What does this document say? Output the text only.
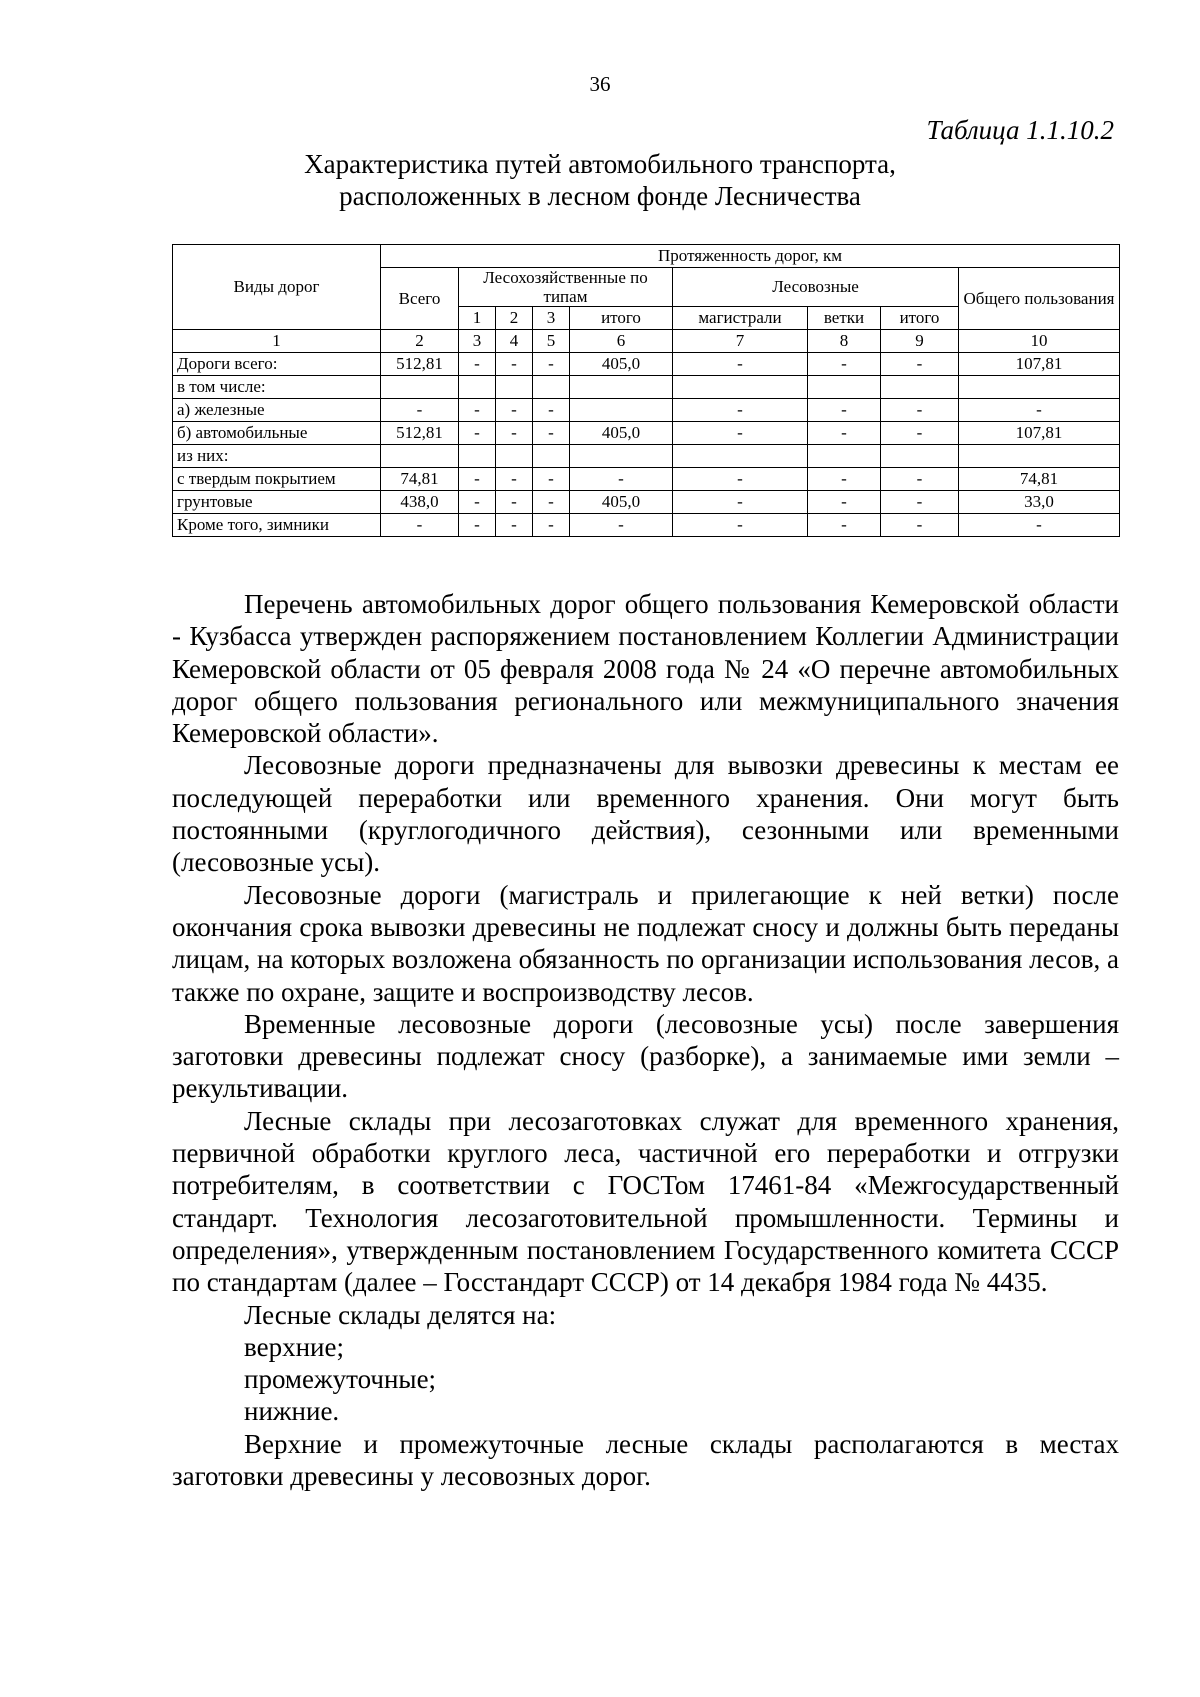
36
Таблица 1.1.10.2
Характеристика путей автомобильного транспорта,
расположенных в лесном фонде Лесничества
Виды дорог	Протяженность дорог, км								
	Всего	Лесохозяйственные по типам				Лесовозные			Общего пользования
		1	2	3	итого	магистрали	ветки	итого	
1	2	3	4	5	6	7	8	9	10
Дороги всего:	512,81	-	-	-	405,0	-	-	-	107,81
в том числе:									
а) железные	-	-	-	-		-	-	-	-
б) автомобильные	512,81	-	-	-	405,0	-	-	-	107,81
из них:									
с твердым покрытием	74,81	-	-	-	-	-	-	-	74,81
грунтовые	438,0	-	-	-	405,0	-	-	-	33,0
Кроме того, зимники	-	-	-	-	-	-	-	-	-

Перечень автомобильных дорог общего пользования Кемеровской области - Кузбасса утвержден распоряжением постановлением Коллегии Администрации Кемеровской области от 05 февраля 2008 года № 24 «О перечне автомобильных дорог общего пользования регионального или межмуниципального значения Кемеровской области».

Лесовозные дороги предназначены для вывозки древесины к местам ее последующей переработки или временного хранения. Они могут быть постоянными (круглогодичного действия), сезонными или временными (лесовозные усы).

Лесовозные дороги (магистраль и прилегающие к ней ветки) после окончания срока вывозки древесины не подлежат сносу и должны быть переданы лицам, на которых возложена обязанность по организации использования лесов, а также по охране, защите и воспроизводству лесов.

Временные лесовозные дороги (лесовозные усы) после завершения заготовки древесины подлежат сносу (разборке), а занимаемые ими земли – рекультивации.

Лесные склады при лесозаготовках служат для временного хранения, первичной обработки круглого леса, частичной его переработки и отгрузки потребителям, в соответствии с ГОСТом 17461-84 «Межгосударственный стандарт. Технология лесозаготовительной промышленности. Термины и определения», утвержденным постановлением Государственного комитета СССР по стандартам (далее – Госстандарт СССР) от 14 декабря 1984 года № 4435.

Лесные склады делятся на:

верхние;

промежуточные;

нижние.

Верхние и промежуточные лесные склады располагаются в местах заготовки древесины у лесовозных дорог.
